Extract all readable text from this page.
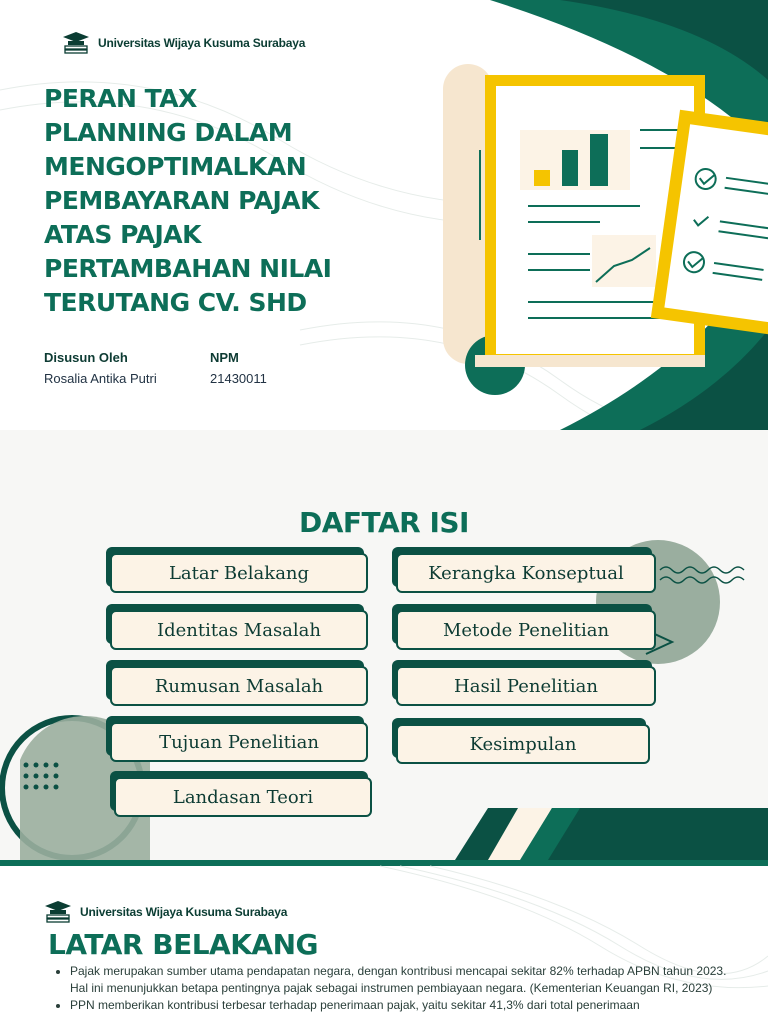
Universitas Wijaya Kusuma Surabaya
PERAN TAX
PLANNING DALAM
MENGOPTIMALKAN
PEMBAYARAN PAJAK
ATAS PAJAK
PERTAMBAHAN NILAI
TERUTANG CV. SHD
Disusun Oleh
Rosalia Antika Putri
NPM
21430011
DAFTAR ISI
Latar Belakang
Identitas Masalah
Rumusan Masalah
Tujuan Penelitian
Landasan Teori
Kerangka Konseptual
Metode Penelitian
Hasil Penelitian
Kesimpulan
Universitas Wijaya Kusuma Surabaya
LATAR BELAKANG
• Pajak merupakan sumber utama pendapatan negara, dengan kontribusi mencapai sekitar 82% terhadap APBN tahun 2023. Hal ini menunjukkan betapa pentingnya pajak sebagai instrumen pembiayaan negara. (Kementerian Keuangan RI, 2023)
• PPN memberikan kontribusi terbesar terhadap penerimaan pajak, yaitu sekitar 41,3% dari total penerimaan
